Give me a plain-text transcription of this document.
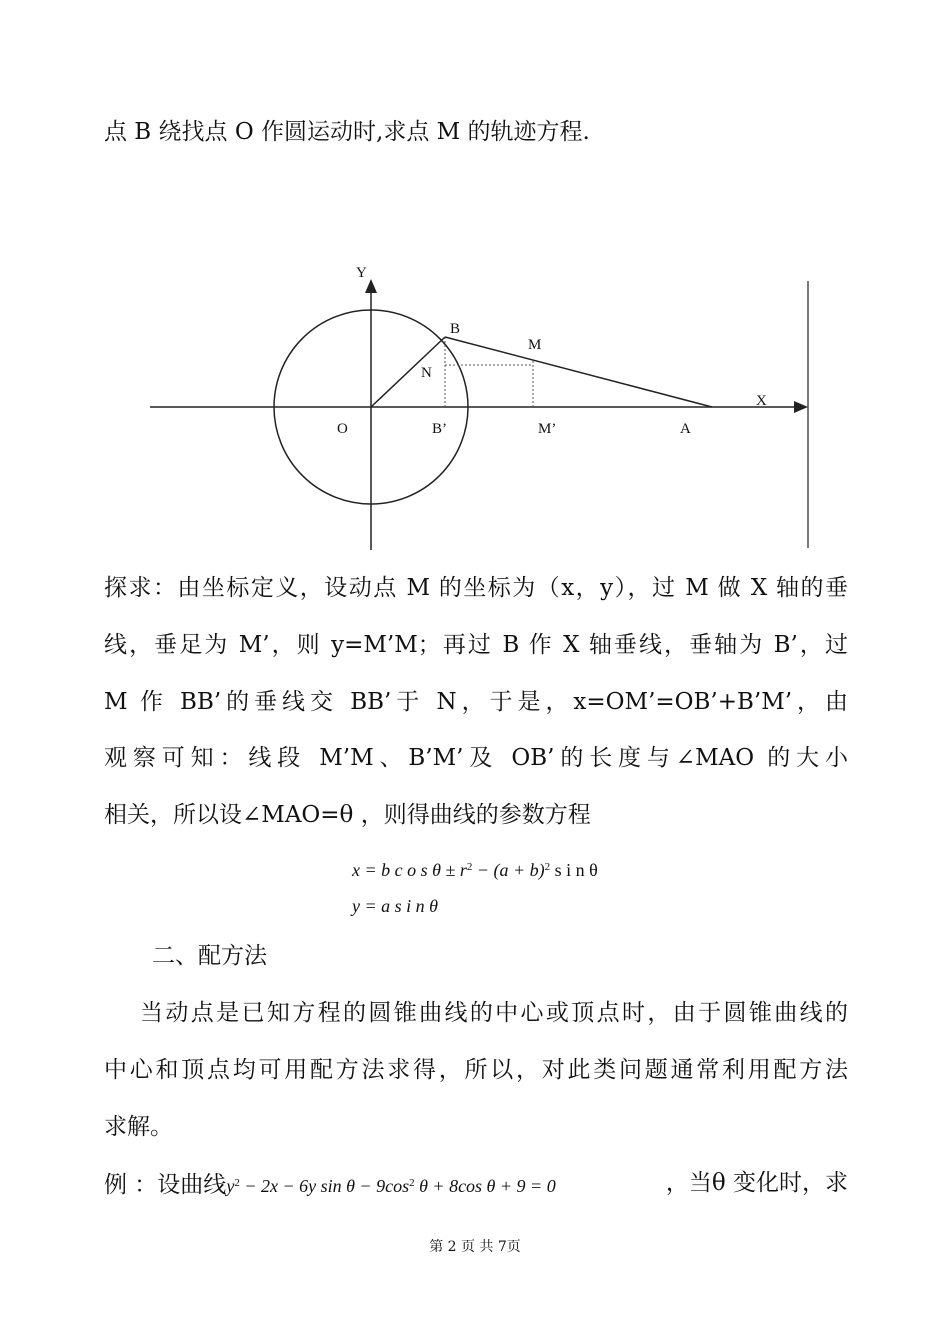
点 B 绕找点 O 作圆运动时,求点 M 的轨迹方程.
Y
X
O
B
M
N
B’	M’	A
探求：由坐标定义，设动点 M 的坐标为（x，y），过 M 做 X 轴的垂
线，垂足为 M’，则 y=M’M；再过 B 作 X 轴垂线，垂轴为 B’，过
M 作 BB’的垂线交 BB’于 N，于是，x=OM’=OB’+B’M’，由
观察可知：线段 M’M、B’M’及 OB’的长度与∠MAO 的大小
相关，所以设∠MAO=θ ，则得曲线的参数方程
x = b c o s $\theta \pm r^2 - (a + b)^2$ s i n θ
y = a s i n θ
二、配方法
当动点是已知方程的圆锥曲线的中心或顶点时，由于圆锥曲线的
中心和顶点均可用配方法求得，所以，对此类问题通常利用配方法
求解。
例 ：设曲线$y^2 - 2x - 6y$ $\sin \theta - 9\cos^2$ θ + 8cos θ + 9 = 0	，当θ 变化时，求
第 2 页 共 7页
